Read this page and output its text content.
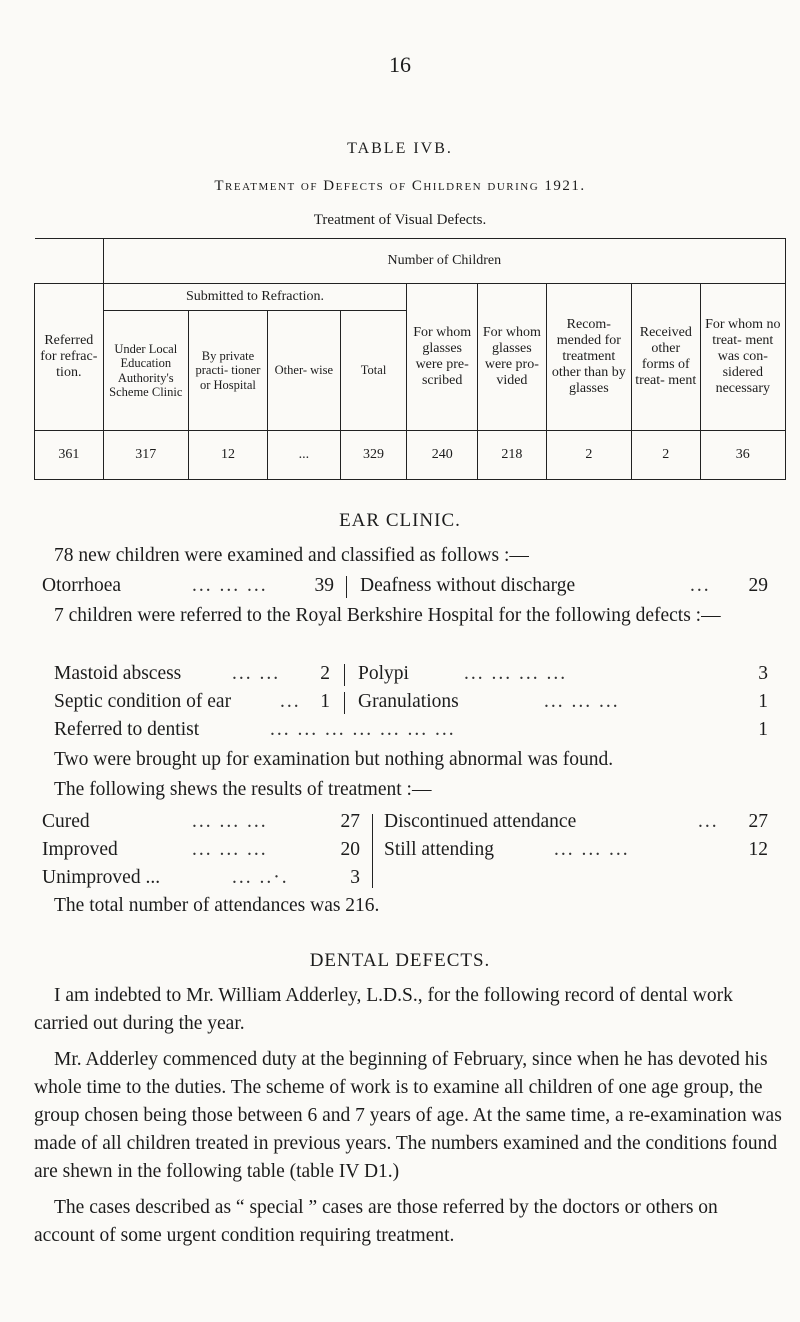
16
TABLE IVB.
Treatment of Defects of Children during 1921.
Treatment of Visual Defects.
	Number of Children								
Referred for refrac- tion.	Submitted to Refraction.				For whom glasses were pre- scribed	For whom glasses were pro- vided	Recom- mended for treatment other than by glasses	Received other forms of treat- ment	For whom no treat- ment was con- sidered necessary
	Under Local Education Authority's Scheme Clinic	By private practi- tioner or Hospital	Other- wise	Total					
361	317	12	...	329	240	218	2	2	36
EAR CLINIC.
78 new children were examined and classified as follows :—
Otorrhoea	... ... ...	39 Deafness without discharge	...	29

7 children were referred to the Royal Berkshire Hospital for the following defects :—

Mastoid abscess	... ...	2 Polypi	... ... ... ...	3
Septic condition of ear	...	1 Granulations	... ... ...	1
Referred to dentist	... ... ... ... ... ... ...	1
Two were brought up for examination but nothing abnormal was found.
The following shews the results of treatment :—
Cured	... ... ...	27 Discontinued attendance	...	27
Improved	... ... ...	20 Still attending	... ... ...	12
Unimproved ...	... ..·.	3
The total number of attendances was 216.
DENTAL DEFECTS.

I am indebted to Mr. William Adderley, L.D.S., for the following record of dental work carried out during the year.

Mr. Adderley commenced duty at the beginning of February, since when he has devoted his whole time to the duties. The scheme of work is to examine all children of one age group, the group chosen being those between 6 and 7 years of age. At the same time, a re-examination was made of all children treated in previous years. The numbers examined and the conditions found are shewn in the following table (table IV D1.)

The cases described as “ special ” cases are those referred by the doctors or others on account of some urgent condition requiring treatment.
